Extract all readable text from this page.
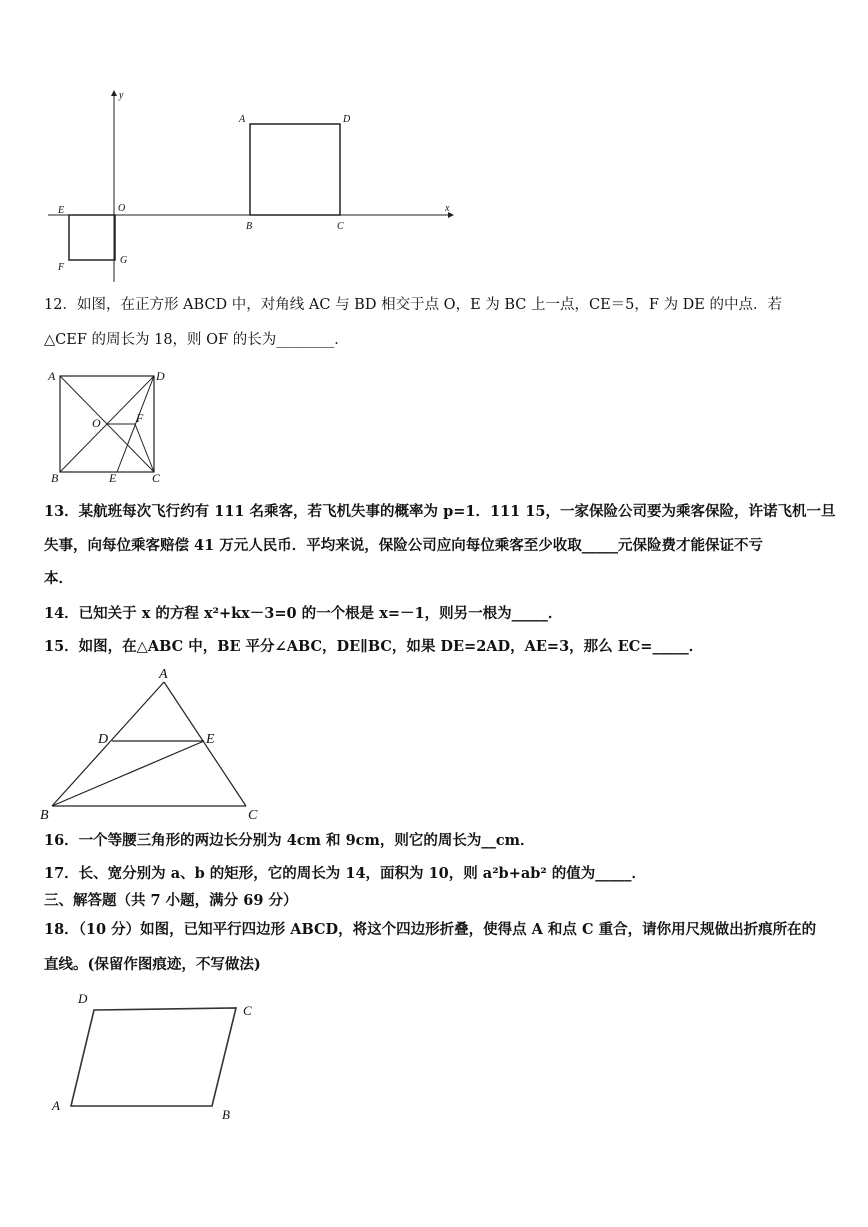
y
x
O
A	D
B	C
E
F
G
12．如图，在正方形 ABCD 中，对角线 AC 与 BD 相交于点 O，E 为 BC 上一点，CE＝5，F 为 DE 的中点．若
△CEF 的周长为 18，则 OF 的长为________．
A	D
O	F
B	E	C
13．某航班每次飞行约有 111 名乘客，若飞机失事的概率为 p=1．111 15，一家保险公司要为乘客保险，许诺飞机一旦
失事，向每位乘客赔偿 41 万元人民币．平均来说，保险公司应向每位乘客至少收取_____元保险费才能保证不亏
本．
14．已知关于 x 的方程 x²+kx－3=0 的一个根是 x=－1，则另一根为_____．
15．如图，在△ABC 中，BE 平分∠ABC，DE∥BC，如果 DE=2AD，AE=3，那么 EC=_____．
A
D	E
B	C
16．一个等腰三角形的两边长分别为 4cm 和 9cm，则它的周长为__cm．
17．长、宽分别为 a、b 的矩形，它的周长为 14，面积为 10，则 a²b+ab² 的值为_____．
三、解答题（共 7 小题，满分 69 分）
18．（10 分）如图，已知平行四边形 ABCD，将这个四边形折叠，使得点 A 和点 C 重合，请你用尺规做出折痕所在的
直线。(保留作图痕迹，不写做法)
D
C
A
B
